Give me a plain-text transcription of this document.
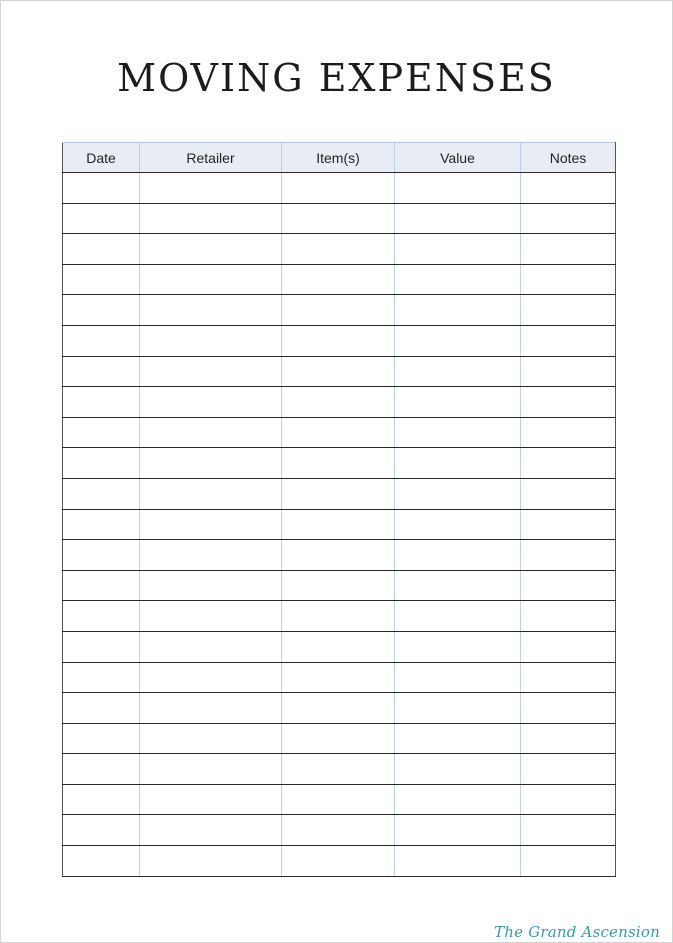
MOVING EXPENSES
Date	Retailer	Item(s)	Value	Notes

The Grand Ascension
